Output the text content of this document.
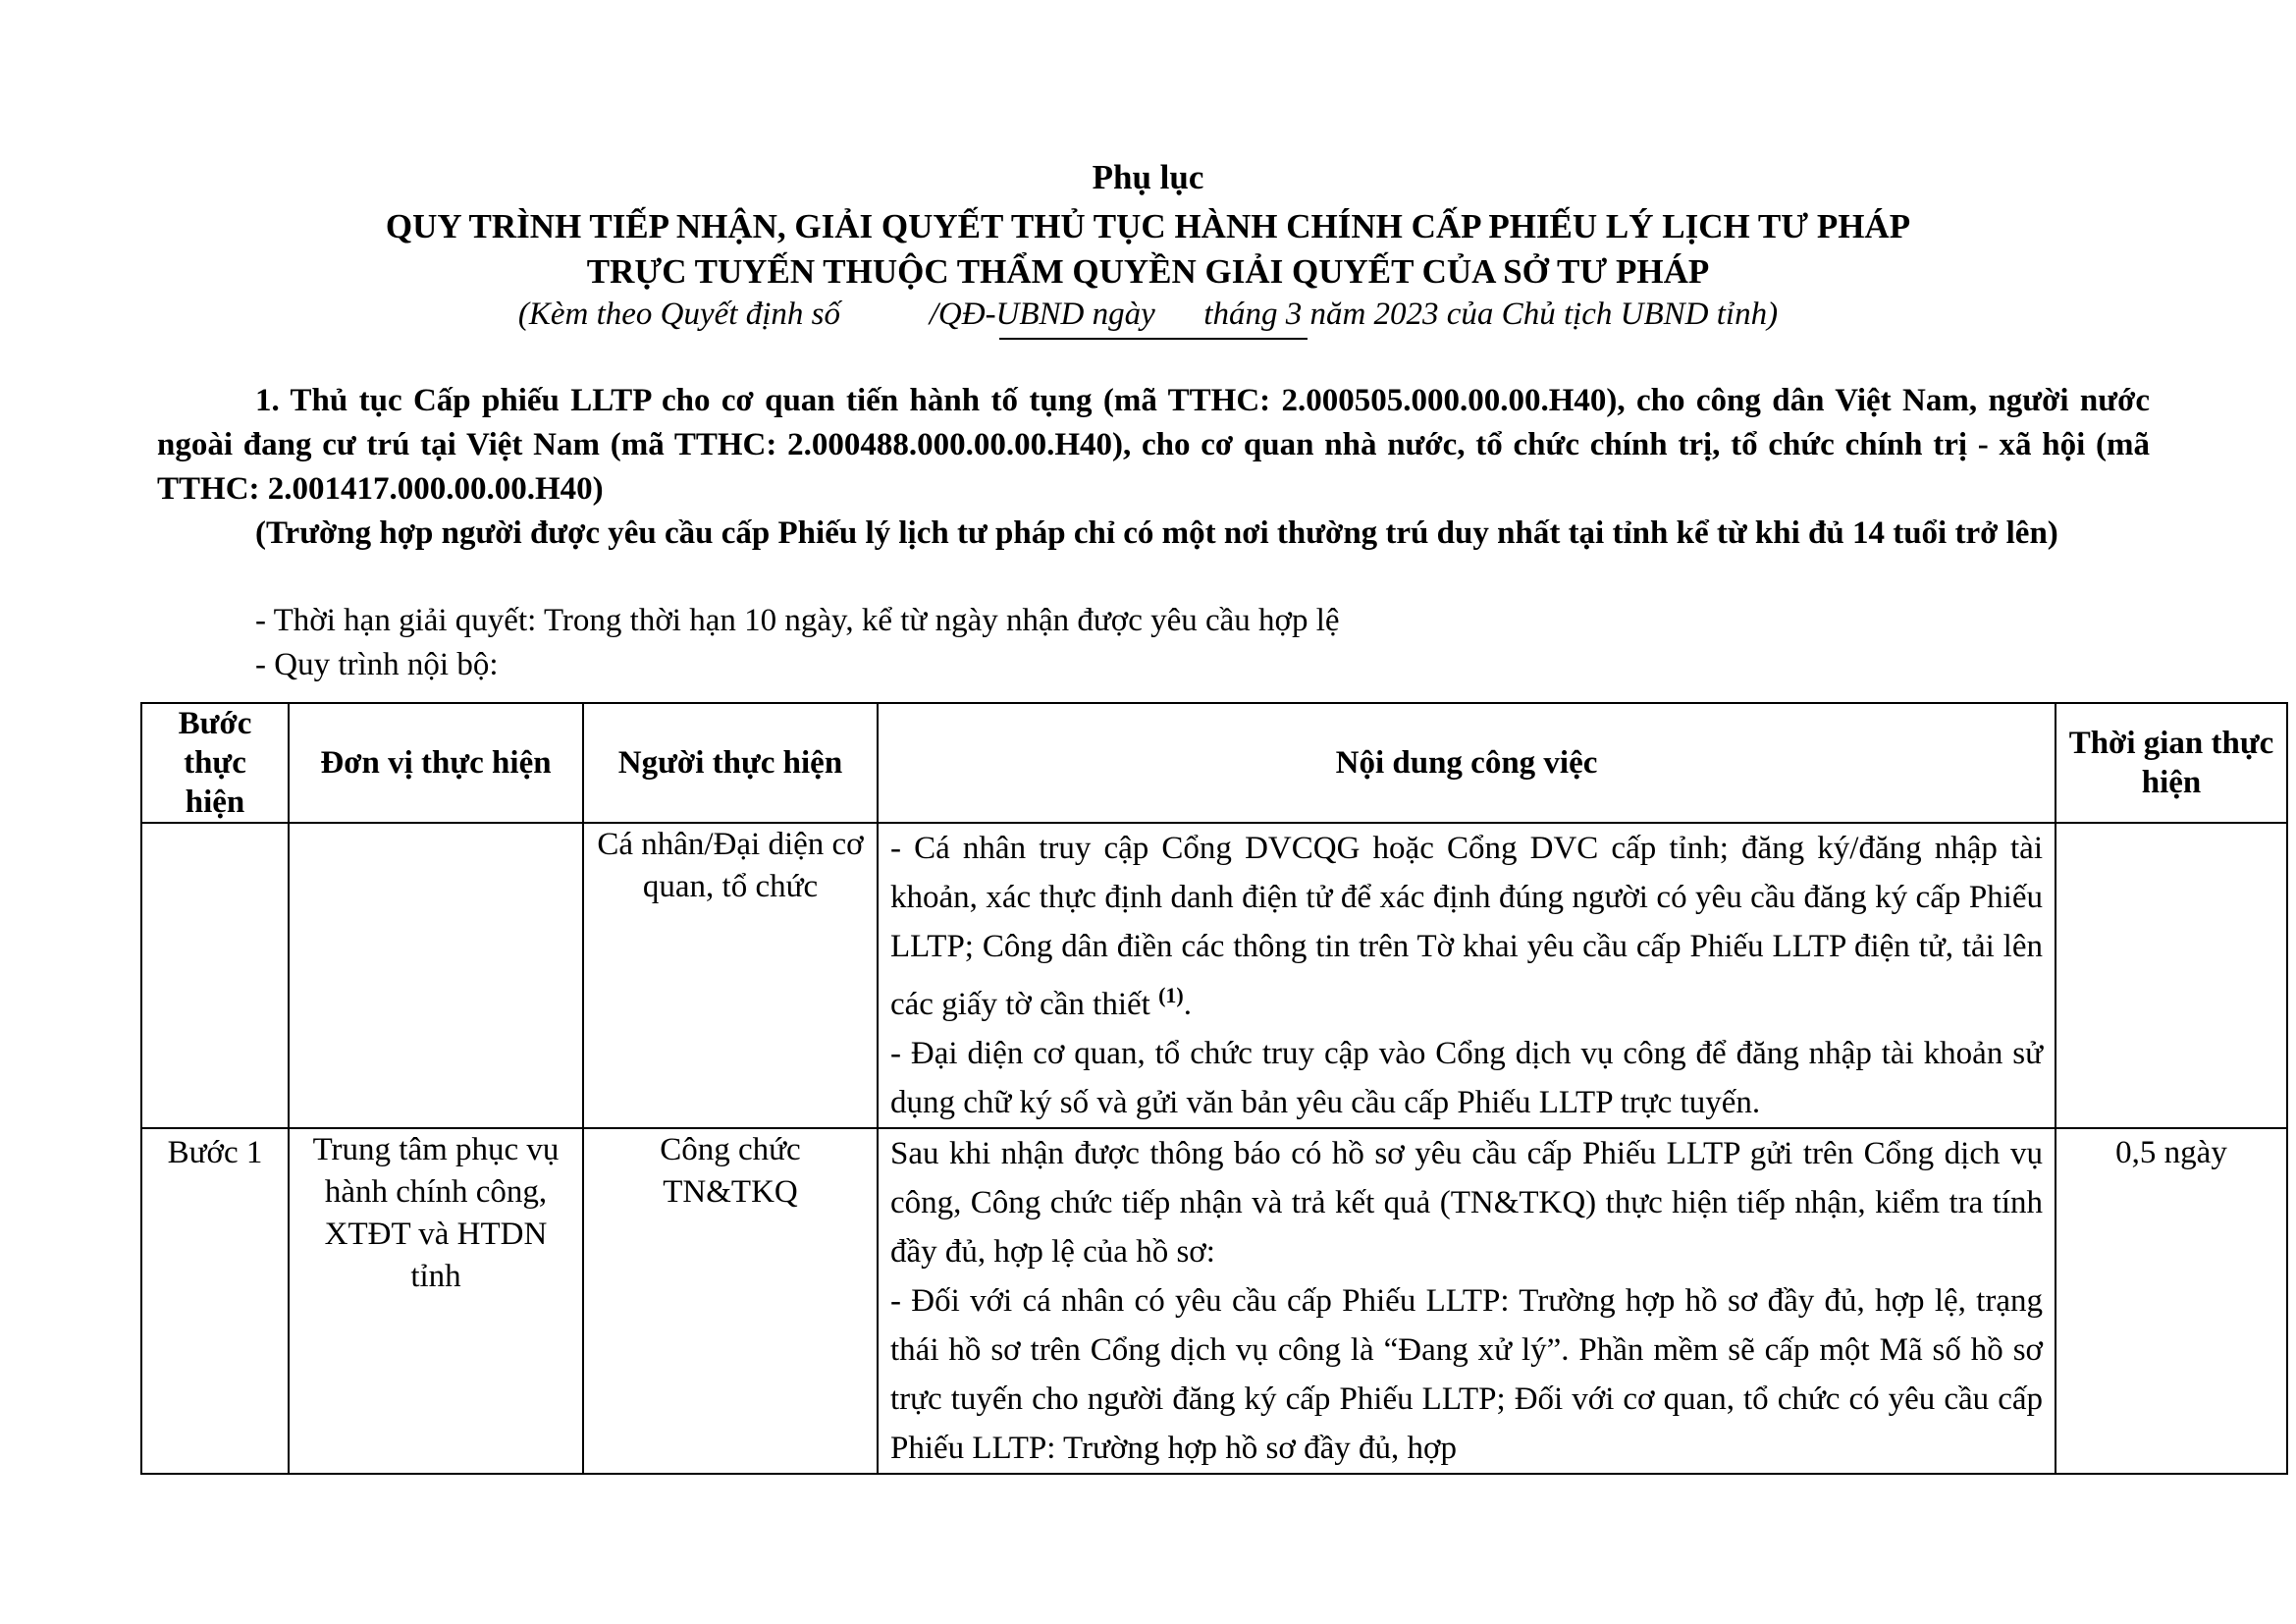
Phụ lục
QUY TRÌNH TIẾP NHẬN, GIẢI QUYẾT THỦ TỤC HÀNH CHÍNH CẤP PHIẾU LÝ LỊCH TƯ PHÁP
TRỰC TUYẾN THUỘC THẨM QUYỀN GIẢI QUYẾT CỦA SỞ TƯ PHÁP
(Kèm theo Quyết định số           /QĐ-UBND ngày      tháng 3 năm 2023 của Chủ tịch UBND tỉnh)
1. Thủ tục Cấp phiếu LLTP cho cơ quan tiến hành tố tụng (mã TTHC: 2.000505.000.00.00.H40), cho công dân Việt Nam, người nước ngoài đang cư trú tại Việt Nam (mã TTHC: 2.000488.000.00.00.H40), cho cơ quan nhà nước, tổ chức chính trị, tổ chức chính trị - xã hội (mã TTHC: 2.001417.000.00.00.H40)
(Trường hợp người được yêu cầu cấp Phiếu lý lịch tư pháp chỉ có một nơi thường trú duy nhất tại tỉnh kể từ khi đủ 14 tuổi trở lên)
- Thời hạn giải quyết: Trong thời hạn 10 ngày, kể từ ngày nhận được yêu cầu hợp lệ
- Quy trình nội bộ:
Bước thực hiện	Đơn vị thực hiện	Người thực hiện	Nội dung công việc	Thời gian thực hiện

		Cá nhân/Đại diện cơ quan, tổ chức	- Cá nhân truy cập Cổng DVCQG hoặc Cổng DVC cấp tỉnh; đăng ký/đăng nhập tài khoản, xác thực định danh điện tử để xác định đúng người có yêu cầu đăng ký cấp Phiếu LLTP; Công dân điền các thông tin trên Tờ khai yêu cầu cấp Phiếu LLTP điện tử, tải lên các giấy tờ cần thiết $^{(1)}$.

- Đại diện cơ quan, tổ chức truy cập vào Cổng dịch vụ công để đăng nhập tài khoản sử dụng chữ ký số và gửi văn bản yêu cầu cấp Phiếu LLTP trực tuyến.	

Bước 1	Trung tâm phục vụ hành chính công, XTĐT và HTDN tỉnh	Công chức TN&TKQ	Sau khi nhận được thông báo có hồ sơ yêu cầu cấp Phiếu LLTP gửi trên Cổng dịch vụ công, Công chức tiếp nhận và trả kết quả (TN&TKQ) thực hiện tiếp nhận, kiểm tra tính đầy đủ, hợp lệ của hồ sơ:

- Đối với cá nhân có yêu cầu cấp Phiếu LLTP: Trường hợp hồ sơ đầy đủ, hợp lệ, trạng thái hồ sơ trên Cổng dịch vụ công là “Đang xử lý”. Phần mềm sẽ cấp một Mã số hồ sơ trực tuyến cho người đăng ký cấp Phiếu LLTP; Đối với cơ quan, tổ chức có yêu cầu cấp Phiếu LLTP: Trường hợp hồ sơ đầy đủ, hợp	0,5 ngày
